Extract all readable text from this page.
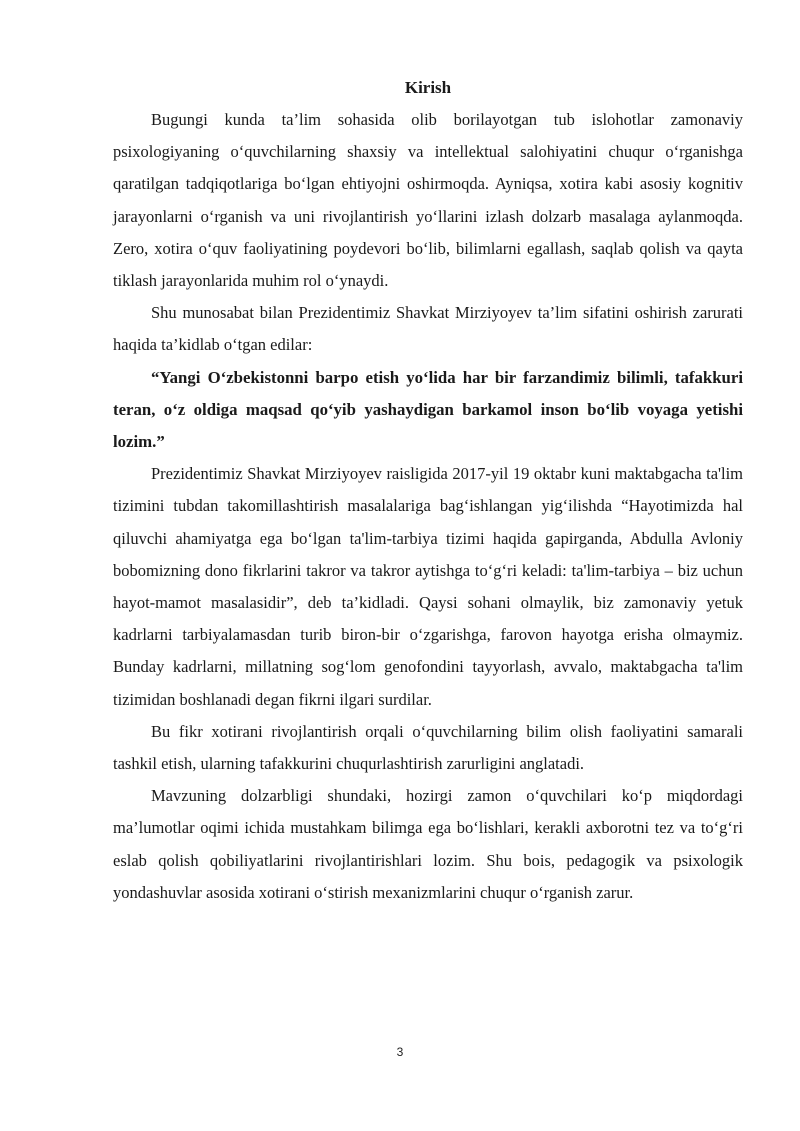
Kirish

Bugungi kunda ta’lim sohasida olib borilayotgan tub islohotlar zamonaviy psixologiyaning o‘quvchilarning shaxsiy va intellektual salohiyatini chuqur o‘rganishga qaratilgan tadqiqotlariga bo‘lgan ehtiyojni oshirmoqda. Ayniqsa, xotira kabi asosiy kognitiv jarayonlarni o‘rganish va uni rivojlantirish yo‘llarini izlash dolzarb masalaga aylanmoqda. Zero, xotira o‘quv faoliyatining poydevori bo‘lib, bilimlarni egallash, saqlab qolish va qayta tiklash jarayonlarida muhim rol o‘ynaydi.

Shu munosabat bilan Prezidentimiz Shavkat Mirziyoyev ta’lim sifatini oshirish zarurati haqida ta’kidlab o‘tgan edilar:

“Yangi O‘zbekistonni barpo etish yo‘lida har bir farzandimiz bilimli, tafakkuri teran, o‘z oldiga maqsad qo‘yib yashaydigan barkamol inson bo‘lib voyaga yetishi lozim.”

Prezidentimiz Shavkat Mirziyoyev raisligida 2017-yil 19 oktabr kuni maktabgacha ta'lim tizimini tubdan takomillashtirish masalalariga bag‘ishlangan yig‘ilishda “Hayotimizda hal qiluvchi ahamiyatga ega bo‘lgan ta'lim-tarbiya tizimi haqida gapirganda, Abdulla Avloniy bobomizning dono fikrlarini takror va takror aytishga to‘g‘ri keladi: ta'lim-tarbiya – biz uchun hayot-mamot masalasidir”, deb ta’kidladi. Qaysi sohani olmaylik, biz zamonaviy yetuk kadrlarni tarbiyalamasdan turib biron-bir o‘zgarishga, farovon hayotga erisha olmaymiz. Bunday kadrlarni, millatning sog‘lom genofondini tayyorlash, avvalo, maktabgacha ta'lim tizimidan boshlanadi degan fikrni ilgari surdilar.

Bu fikr xotirani rivojlantirish orqali o‘quvchilarning bilim olish faoliyatini samarali tashkil etish, ularning tafakkurini chuqurlashtirish zarurligini anglatadi.

Mavzuning dolzarbligi shundaki, hozirgi zamon o‘quvchilari ko‘p miqdordagi ma’lumotlar oqimi ichida mustahkam bilimga ega bo‘lishlari, kerakli axborotni tez va to‘g‘ri eslab qolish qobiliyatlarini rivojlantirishlari lozim. Shu bois, pedagogik va psixologik yondashuvlar asosida xotirani o‘stirish mexanizmlarini chuqur o‘rganish zarur.

3
